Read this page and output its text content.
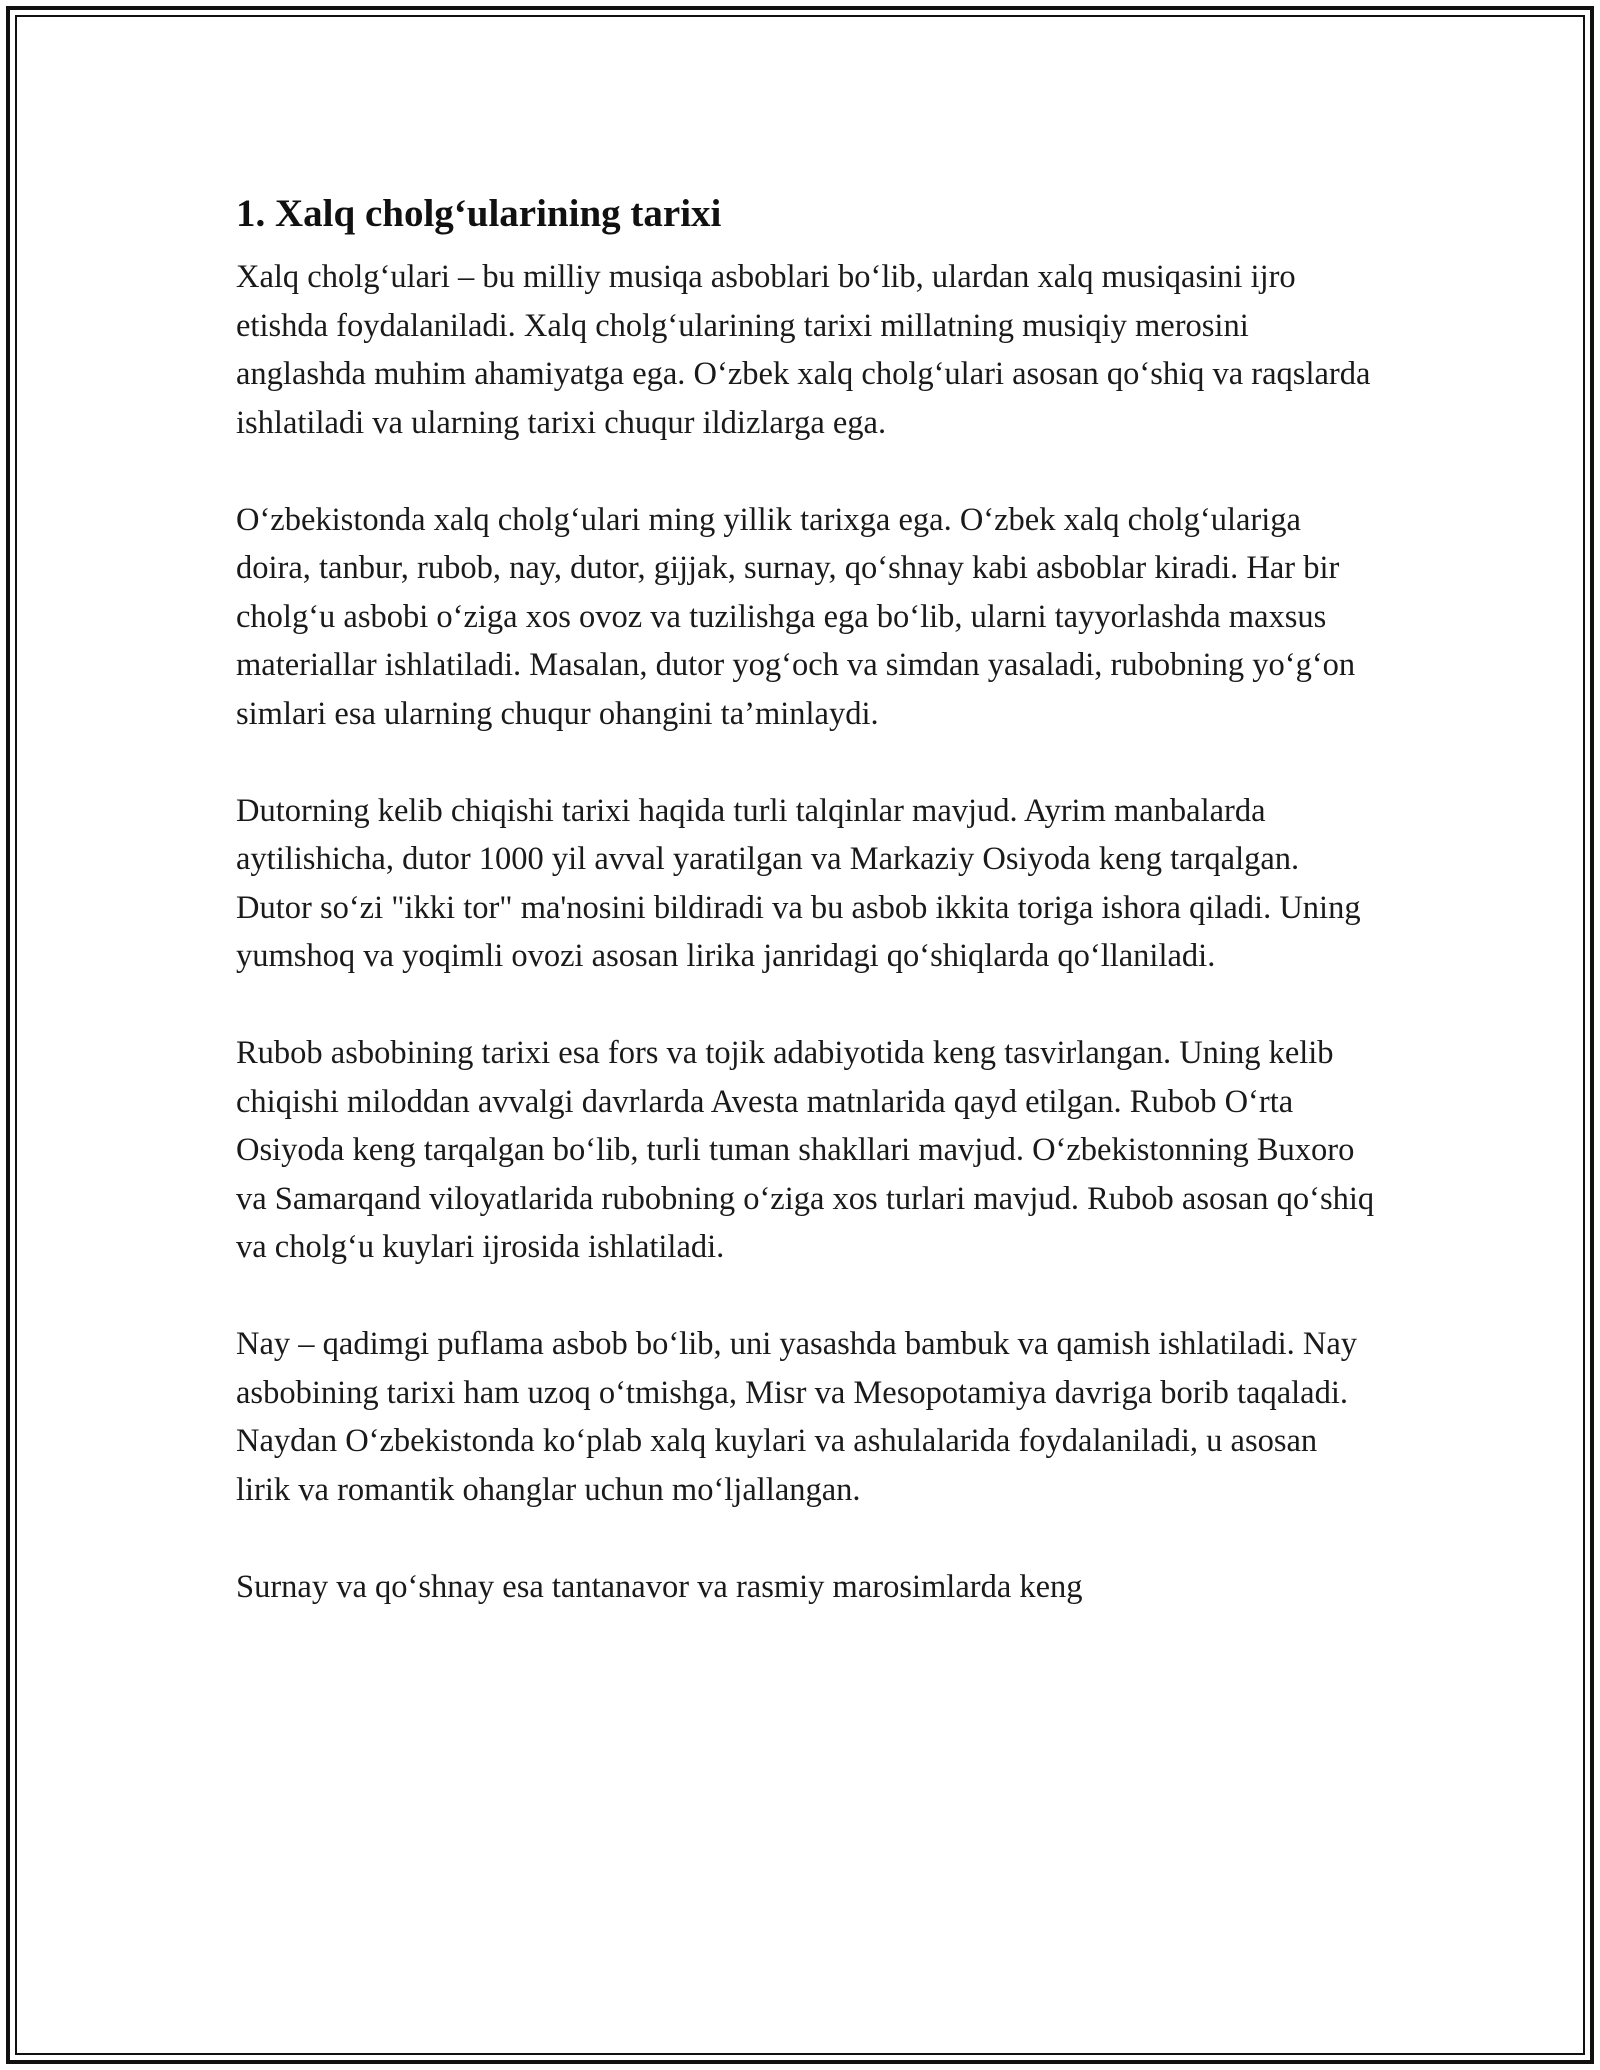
1. Xalq cholg‘ularining tarixi

Xalq cholg‘ulari – bu milliy musiqa asboblari bo‘lib, ulardan xalq musiqasini ijro etishda foydalaniladi. Xalq cholg‘ularining tarixi millatning musiqiy merosini anglashda muhim ahamiyatga ega. O‘zbek xalq cholg‘ulari asosan qo‘shiq va raqslarda ishlatiladi va ularning tarixi chuqur ildizlarga ega.

O‘zbekistonda xalq cholg‘ulari ming yillik tarixga ega. O‘zbek xalq cholg‘ulariga doira, tanbur, rubob, nay, dutor, gijjak, surnay, qo‘shnay kabi asboblar kiradi. Har bir cholg‘u asbobi o‘ziga xos ovoz va tuzilishga ega bo‘lib, ularni tayyorlashda maxsus materiallar ishlatiladi. Masalan, dutor yog‘och va simdan yasaladi, rubobning yo‘g‘on simlari esa ularning chuqur ohangini ta’minlaydi.

Dutorning kelib chiqishi tarixi haqida turli talqinlar mavjud. Ayrim manbalarda aytilishicha, dutor 1000 yil avval yaratilgan va Markaziy Osiyoda keng tarqalgan. Dutor so‘zi "ikki tor" ma'nosini bildiradi va bu asbob ikkita toriga ishora qiladi. Uning yumshoq va yoqimli ovozi asosan lirika janridagi qo‘shiqlarda qo‘llaniladi.

Rubob asbobining tarixi esa fors va tojik adabiyotida keng tasvirlangan. Uning kelib chiqishi miloddan avvalgi davrlarda Avesta matnlarida qayd etilgan. Rubob O‘rta Osiyoda keng tarqalgan bo‘lib, turli tuman shakllari mavjud. O‘zbekistonning Buxoro va Samarqand viloyatlarida rubobning o‘ziga xos turlari mavjud. Rubob asosan qo‘shiq va cholg‘u kuylari ijrosida ishlatiladi.

Nay – qadimgi puflama asbob bo‘lib, uni yasashda bambuk va qamish ishlatiladi. Nay asbobining tarixi ham uzoq o‘tmishga, Misr va Mesopotamiya davriga borib taqaladi. Naydan O‘zbekistonda ko‘plab xalq kuylari va ashulalarida foydalaniladi, u asosan lirik va romantik ohanglar uchun mo‘ljallangan.

Surnay va qo‘shnay esa tantanavor va rasmiy marosimlarda keng
